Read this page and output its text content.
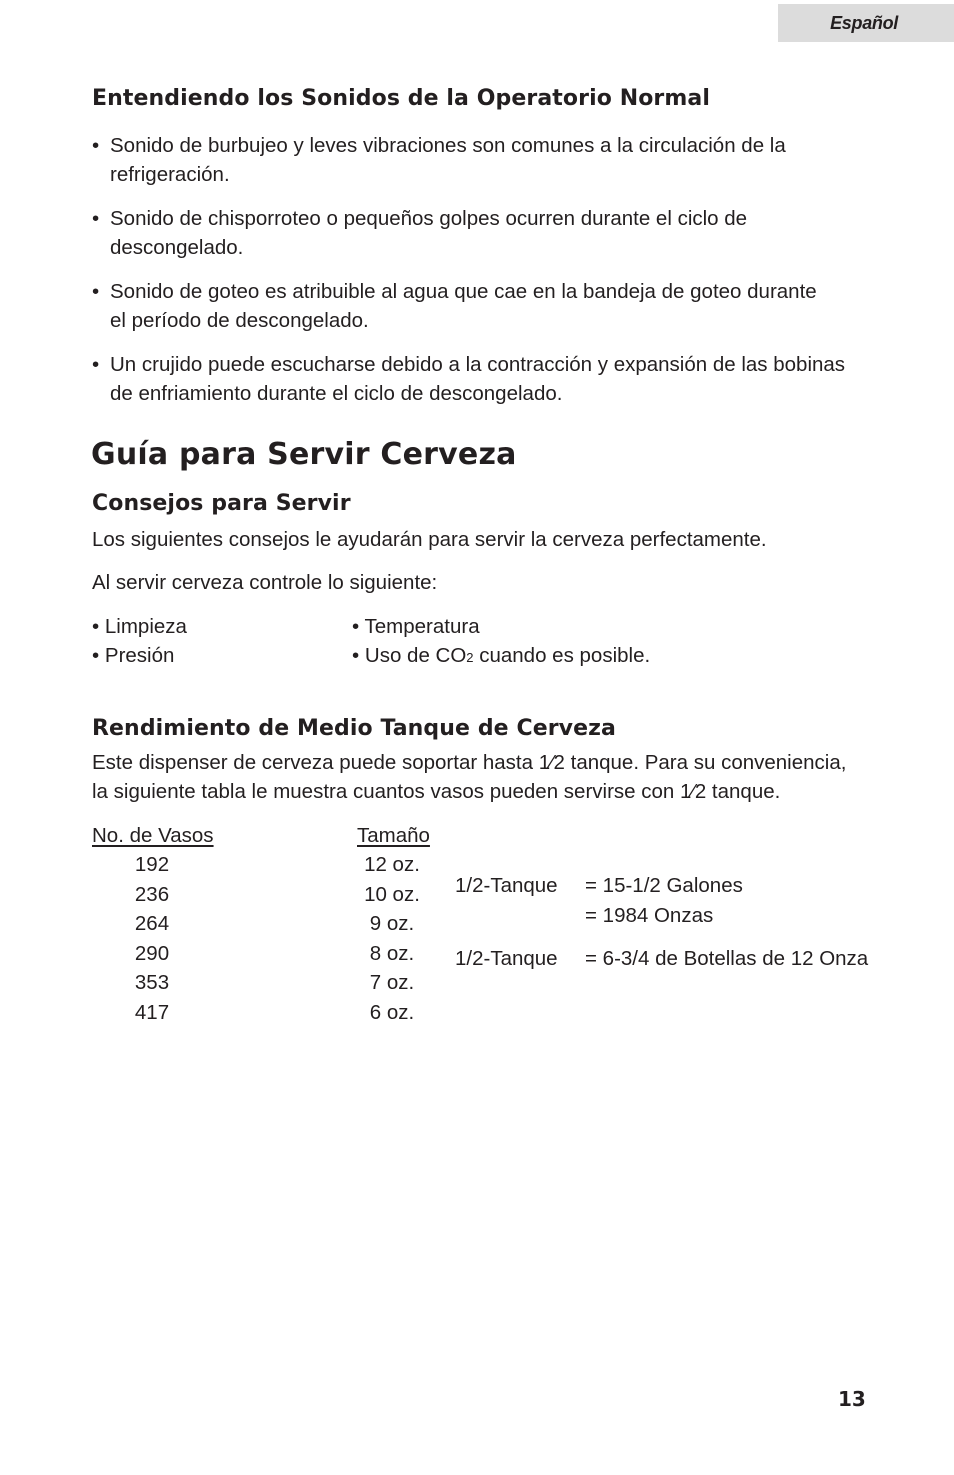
Español
Entendiendo los Sonidos de la Operatorio Normal
• Sonido de burbujeo y leves vibraciones son comunes a la circulación de la
refrigeración.
• Sonido de chisporroteo o pequeños golpes ocurren durante el ciclo de
descongelado.
• Sonido de goteo es atribuible al agua que cae en la bandeja de goteo durante
el período de descongelado.
• Un crujido puede escucharse debido a la contracción y expansión de las bobinas
de enfriamiento durante el ciclo de descongelado.
Guía para Servir Cerveza
Consejos para Servir
Los siguientes consejos le ayudarán para servir la cerveza perfectamente.
Al servir cerveza controle lo siguiente:
• Limpieza	• Temperatura
• Presión	• Uso de CO2 cuando es posible.
Rendimiento de Medio Tanque de Cerveza
Este dispenser de cerveza puede soportar hasta 1⁄2 tanque. Para su conveniencia,
la siguiente tabla le muestra cuantos vasos pueden servirse con 1⁄2 tanque.
No. de Vasos	Tamaño
192	12 oz.
236	10 oz.
264	9 oz.
290	8 oz.
353	7 oz.
417	6 oz.
1/2-Tanque = 15-1/2 Galones
= 1984 Onzas
1/2-Tanque = 6-3/4 de Botellas de 12 Onza
13
